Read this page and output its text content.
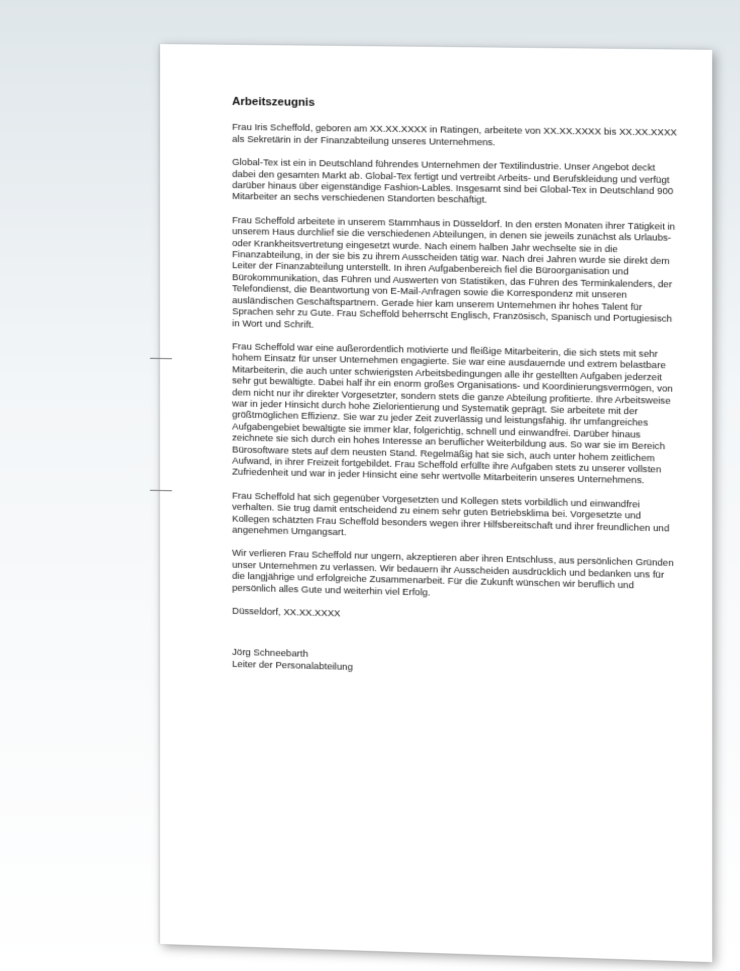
Arbeitszeugnis

Frau Iris Scheffold, geboren am XX.XX.XXXX in Ratingen, arbeitete von XX.XX.XXXX bis XX.XX.XXXX als Sekretärin in der Finanzabteilung unseres Unternehmens.

Global-Tex ist ein in Deutschland führendes Unternehmen der Textilindustrie. Unser Angebot deckt dabei den gesamten Markt ab. Global-Tex fertigt und vertreibt Arbeits- und Berufskleidung und verfügt darüber hinaus über eigenständige Fashion-Lables. Insgesamt sind bei Global-Tex in Deutschland 900 Mitarbeiter an sechs verschiedenen Standorten beschäftigt.

Frau Scheffold arbeitete in unserem Stammhaus in Düsseldorf. In den ersten Monaten ihrer Tätigkeit in unserem Haus durchlief sie die verschiedenen Abteilungen, in denen sie jeweils zunächst als Urlaubs- oder Krankheitsvertretung eingesetzt wurde. Nach einem halben Jahr wechselte sie in die Finanzabteilung, in der sie bis zu ihrem Ausscheiden tätig war. Nach drei Jahren wurde sie direkt dem Leiter der Finanzabteilung unterstellt. In ihren Aufgabenbereich fiel die Büroorganisation und Bürokommunikation, das Führen und Auswerten von Statistiken, das Führen des Terminkalenders, der Telefondienst, die Beantwortung von E-Mail-Anfragen sowie die Korrespondenz mit unseren ausländischen Geschäftspartnern. Gerade hier kam unserem Unternehmen ihr hohes Talent für Sprachen sehr zu Gute. Frau Scheffold beherrscht Englisch, Französisch, Spanisch und Portugiesisch in Wort und Schrift.

Frau Scheffold war eine außerordentlich motivierte und fleißige Mitarbeiterin, die sich stets mit sehr hohem Einsatz für unser Unternehmen engagierte. Sie war eine ausdauernde und extrem belastbare Mitarbeiterin, die auch unter schwierigsten Arbeitsbedingungen alle ihr gestellten Aufgaben jederzeit sehr gut bewältigte. Dabei half ihr ein enorm großes Organisations- und Koordinierungsvermögen, von dem nicht nur ihr direkter Vorgesetzter, sondern stets die ganze Abteilung profitierte. Ihre Arbeitsweise war in jeder Hinsicht durch hohe Zielorientierung und Systematik geprägt. Sie arbeitete mit der größtmöglichen Effizienz. Sie war zu jeder Zeit zuverlässig und leistungsfähig. Ihr umfangreiches Aufgabengebiet bewältigte sie immer klar, folgerichtig, schnell und einwandfrei. Darüber hinaus zeichnete sie sich durch ein hohes Interesse an beruflicher Weiterbildung aus. So war sie im Bereich Bürosoftware stets auf dem neusten Stand. Regelmäßig hat sie sich, auch unter hohem zeitlichem Aufwand, in ihrer Freizeit fortgebildet. Frau Scheffold erfüllte ihre Aufgaben stets zu unserer vollsten Zufriedenheit und war in jeder Hinsicht eine sehr wertvolle Mitarbeiterin unseres Unternehmens.

Frau Scheffold hat sich gegenüber Vorgesetzten und Kollegen stets vorbildlich und einwandfrei verhalten. Sie trug damit entscheidend zu einem sehr guten Betriebsklima bei. Vorgesetzte und Kollegen schätzten Frau Scheffold besonders wegen ihrer Hilfsbereitschaft und ihrer freundlichen und angenehmen Umgangsart.

Wir verlieren Frau Scheffold nur ungern, akzeptieren aber ihren Entschluss, aus persönlichen Gründen unser Unternehmen zu verlassen. Wir bedauern ihr Ausscheiden ausdrücklich und bedanken uns für die langjährige und erfolgreiche Zusammenarbeit. Für die Zukunft wünschen wir beruflich und persönlich alles Gute und weiterhin viel Erfolg.

Düsseldorf, XX.XX.XXXX

Jörg Schneebarth

Leiter der Personalabteilung
